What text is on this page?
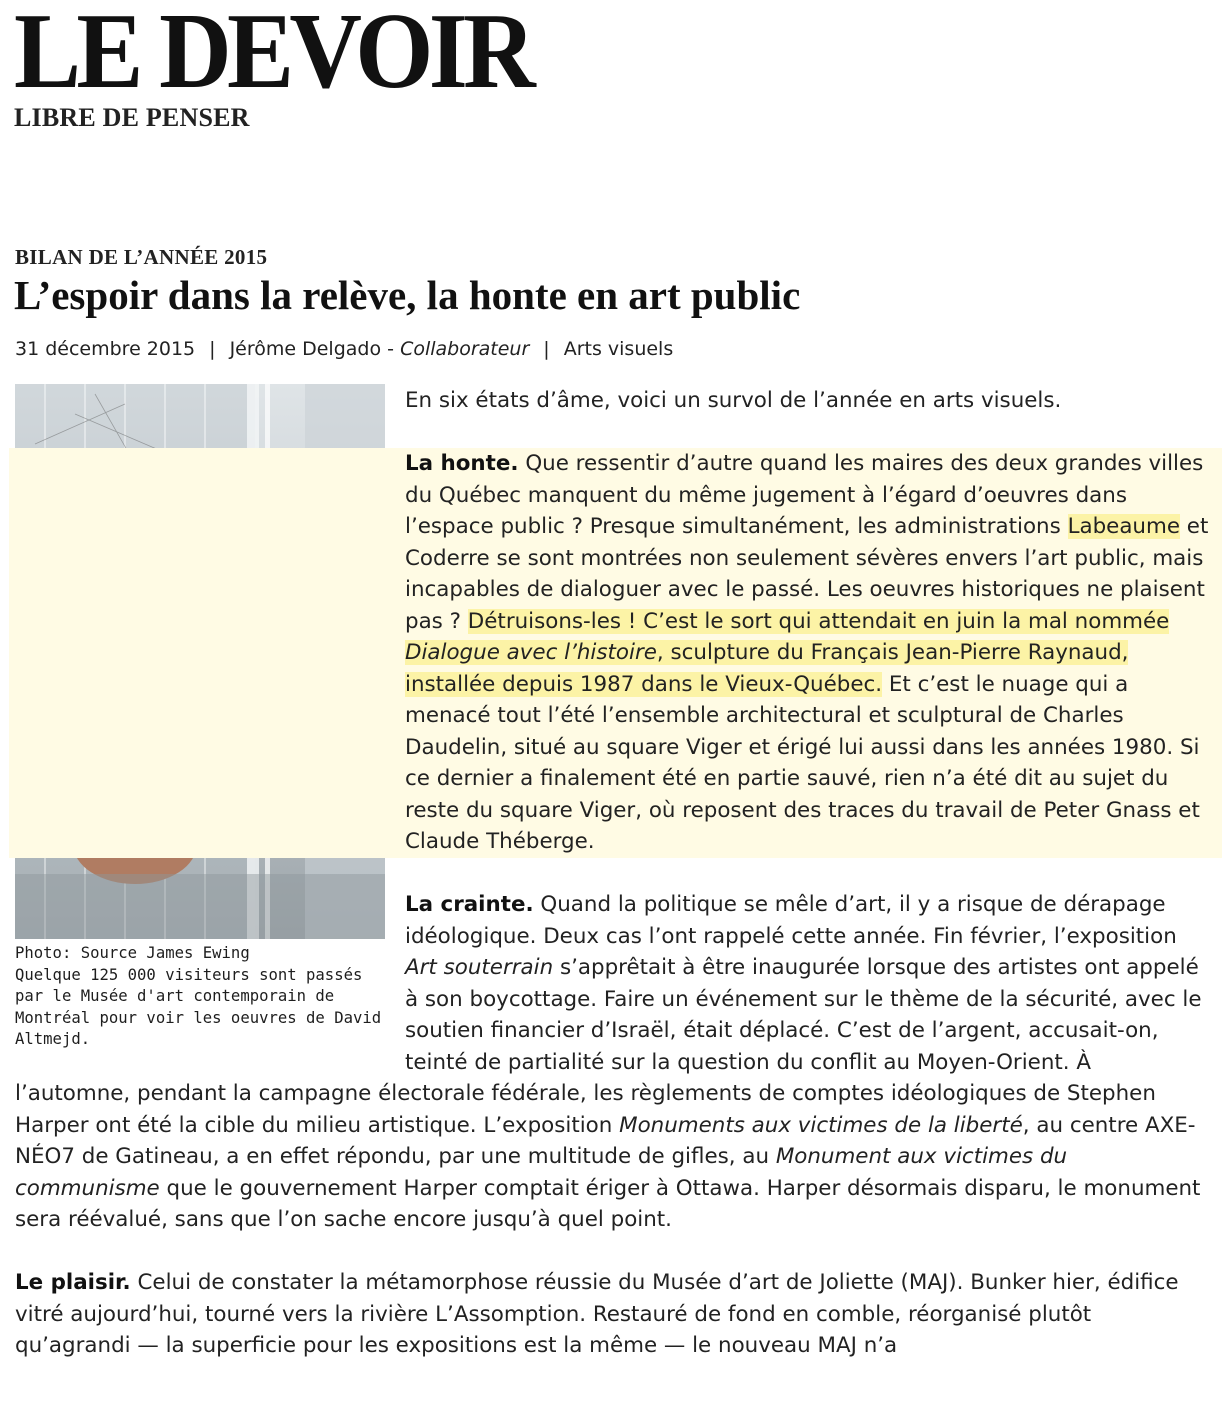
LE DEVOIR
LIBRE DE PENSER
BILAN DE L’ANNÉE 2015
L’espoir dans la relève, la honte en art public
31 décembre 2015 | Jérôme Delgado - Collaborateur | Arts visuels
Photo: Source James Ewing
Quelque 125 000 visiteurs sont passés par le Musée d'art contemporain de Montréal pour voir les oeuvres de David Altmejd.

En six états d’âme, voici un survol de l’année en arts visuels.

La honte. Que ressentir d’autre quand les maires des deux grandes villes du Québec manquent du même jugement à l’égard d’oeuvres dans l’espace public ? Presque simultanément, les administrations Labeaume et Coderre se sont montrées non seulement sévères envers l’art public, mais incapables de dialoguer avec le passé. Les oeuvres historiques ne plaisent pas ? Détruisons-les ! C’est le sort qui attendait en juin la mal nommée Dialogue avec l’histoire, sculpture du Français Jean-Pierre Raynaud, installée depuis 1987 dans le Vieux-Québec. Et c’est le nuage qui a menacé tout l’été l’ensemble architectural et sculptural de Charles Daudelin, situé au square Viger et érigé lui aussi dans les années 1980. Si ce dernier a finalement été en partie sauvé, rien n’a été dit au sujet du reste du square Viger, où reposent des traces du travail de Peter Gnass et Claude Théberge.

La crainte. Quand la politique se mêle d’art, il y a risque de dérapage idéologique. Deux cas l’ont rappelé cette année. Fin février, l’exposition Art souterrain s’apprêtait à être inaugurée lorsque des artistes ont appelé à son boycottage. Faire un événement sur le thème de la sécurité, avec le soutien financier d’Israël, était déplacé. C’est de l’argent, accusait-on, teinté de partialité sur la question du conflit au Moyen-Orient. À l’automne, pendant la campagne électorale fédérale, les règlements de comptes idéologiques de Stephen Harper ont été la cible du milieu artistique. L’exposition Monuments aux victimes de la liberté, au centre AXE-NÉO7 de Gatineau, a en effet répondu, par une multitude de gifles, au Monument aux victimes du communisme que le gouvernement Harper comptait ériger à Ottawa. Harper désormais disparu, le monument sera réévalué, sans que l’on sache encore jusqu’à quel point.

Le plaisir. Celui de constater la métamorphose réussie du Musée d’art de Joliette (MAJ). Bunker hier, édifice vitré aujourd’hui, tourné vers la rivière L’Assomption. Restauré de fond en comble, réorganisé plutôt qu’agrandi — la superficie pour les expositions est la même — le nouveau MAJ n’a
